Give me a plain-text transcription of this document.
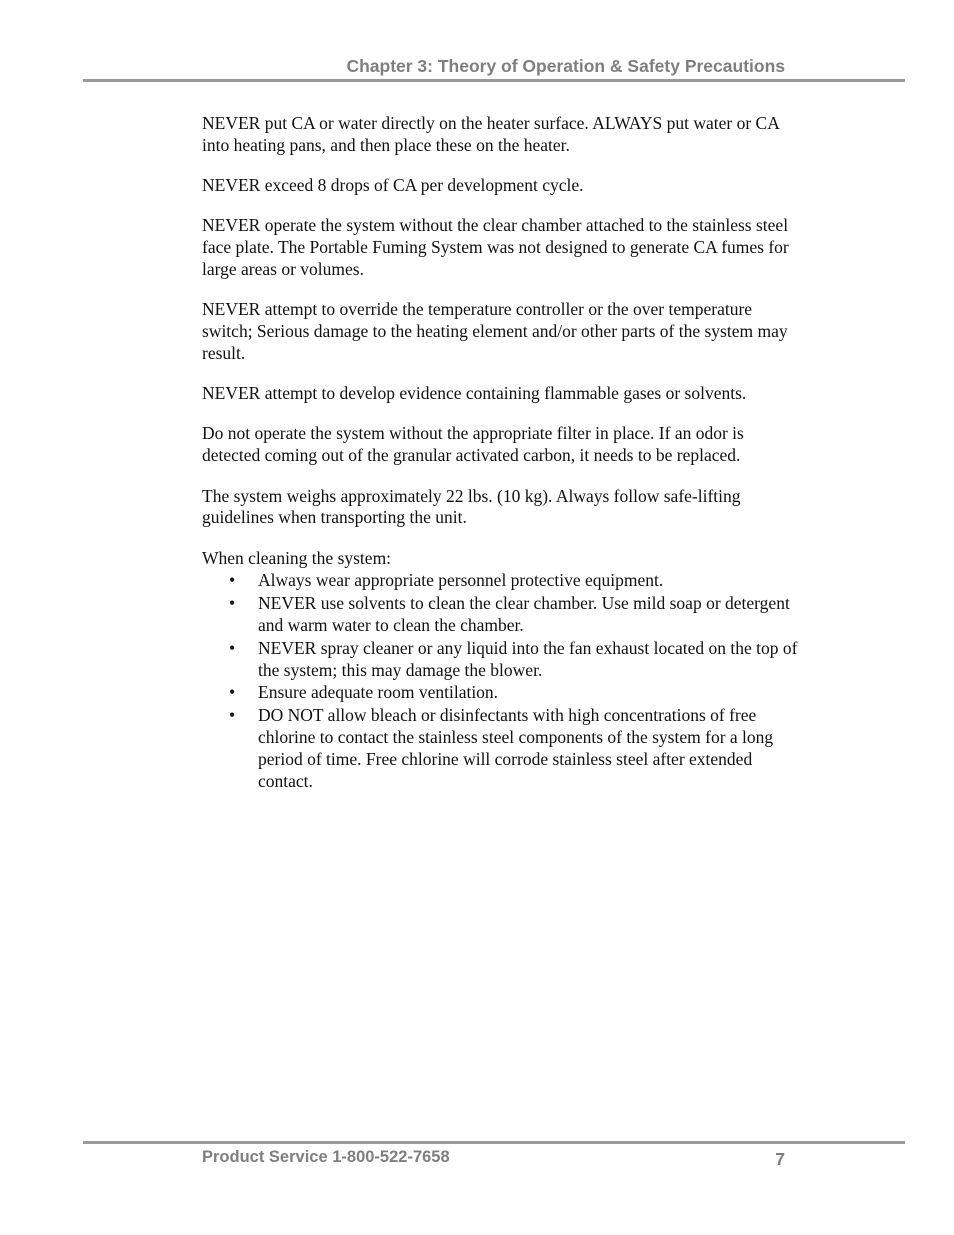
Chapter 3: Theory of Operation & Safety Precautions

NEVER put CA or water directly on the heater surface. ALWAYS put water or CA into heating pans, and then place these on the heater.

NEVER exceed 8 drops of CA per development cycle.

NEVER operate the system without the clear chamber attached to the stainless steel face plate. The Portable Fuming System was not designed to generate CA fumes for large areas or volumes.

NEVER attempt to override the temperature controller or the over temperature switch; Serious damage to the heating element and/or other parts of the system may result.

NEVER attempt to develop evidence containing flammable gases or solvents.

Do not operate the system without the appropriate filter in place. If an odor is detected coming out of the granular activated carbon, it needs to be replaced.

The system weighs approximately 22 lbs. (10 kg). Always follow safe-lifting guidelines when transporting the unit.

When cleaning the system:

• Always wear appropriate personnel protective equipment.
• NEVER use solvents to clean the clear chamber. Use mild soap or detergent and warm water to clean the chamber.
• NEVER spray cleaner or any liquid into the fan exhaust located on the top of the system; this may damage the blower.
• Ensure adequate room ventilation.
• DO NOT allow bleach or disinfectants with high concentrations of free chlorine to contact the stainless steel components of the system for a long period of time. Free chlorine will corrode stainless steel after extended contact.
Product Service 1-800-522-7658	7
